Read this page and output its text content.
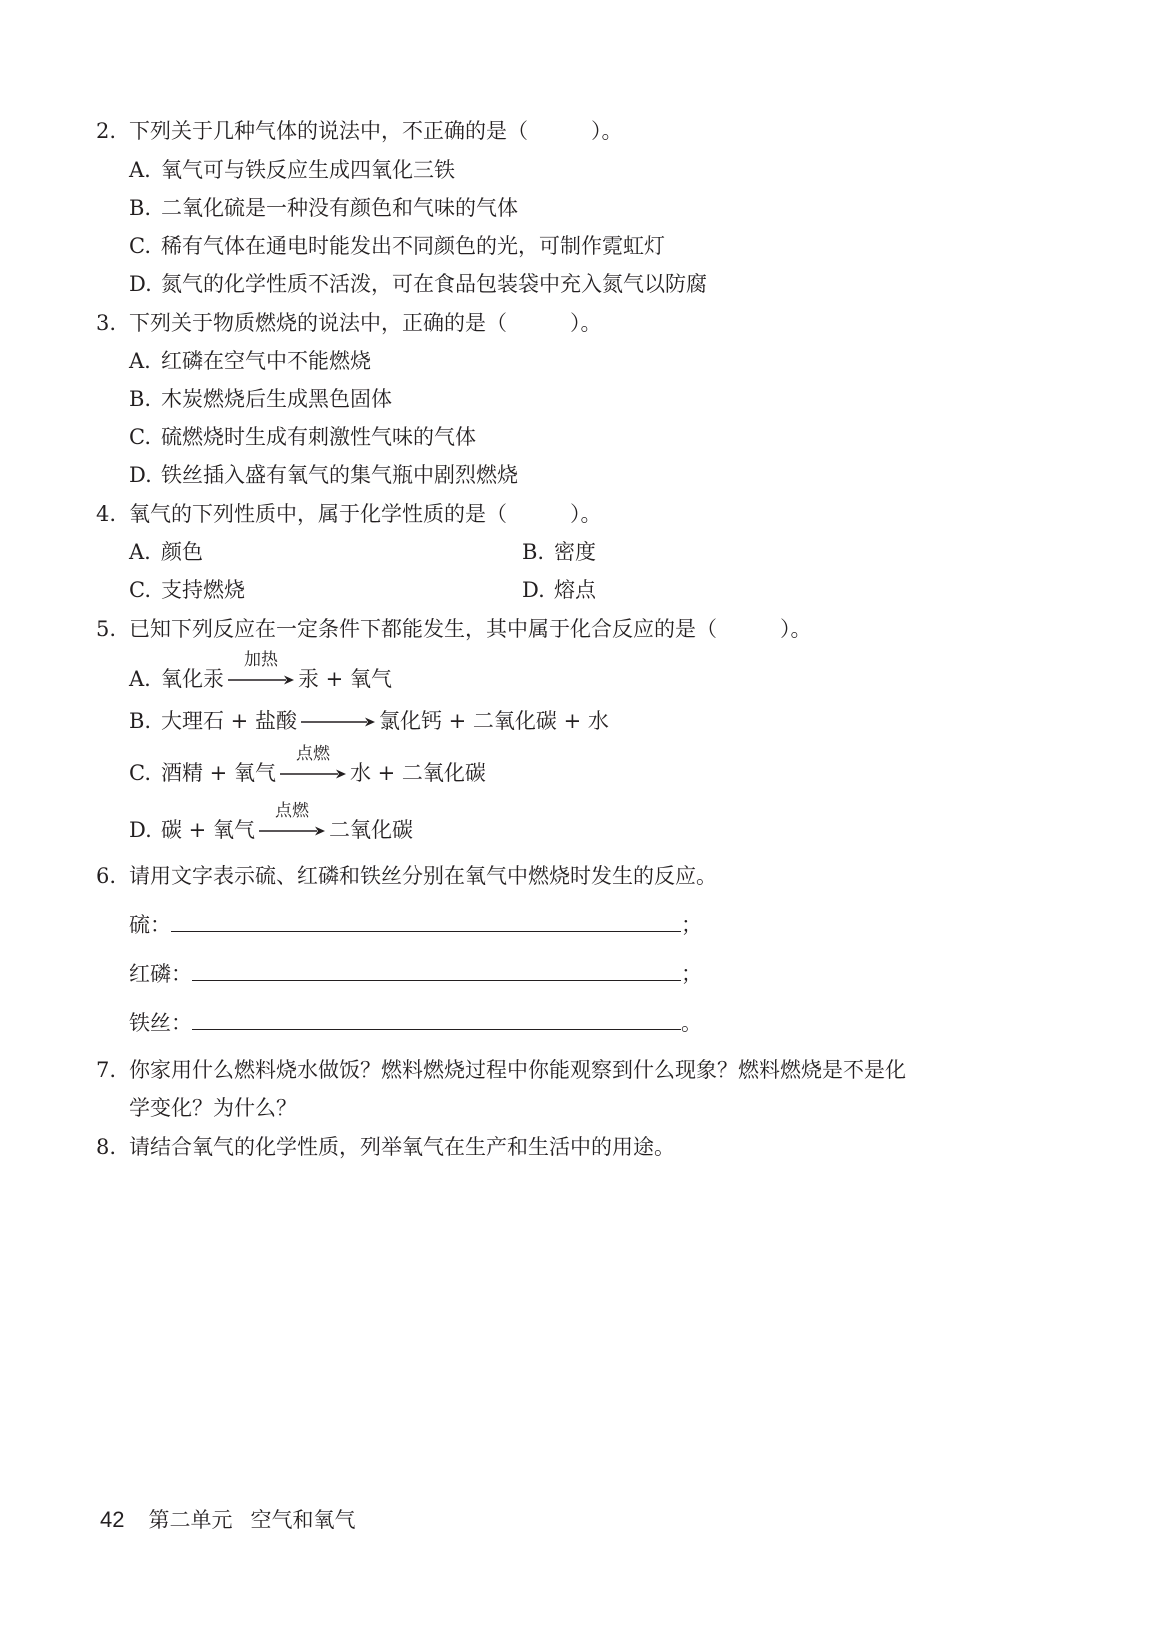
2. 下列关于几种气体的说法中，不正确的是（　　　）。
A. 氧气可与铁反应生成四氧化三铁
B. 二氧化硫是一种没有颜色和气味的气体
C. 稀有气体在通电时能发出不同颜色的光，可制作霓虹灯
D. 氮气的化学性质不活泼，可在食品包装袋中充入氮气以防腐
3. 下列关于物质燃烧的说法中，正确的是（　　　）。
A. 红磷在空气中不能燃烧
B. 木炭燃烧后生成黑色固体
C. 硫燃烧时生成有刺激性气味的气体
D. 铁丝插入盛有氧气的集气瓶中剧烈燃烧
4. 氧气的下列性质中，属于化学性质的是（　　　）。
A. 颜色	B. 密度
C. 支持燃烧	D. 熔点
5. 已知下列反应在一定条件下都能发生，其中属于化合反应的是（　　　）。
A. 氧化汞
加热
汞 + 氧气
B. 大理石 + 盐酸 → 氯化钙 + 二氧化碳 + 水
C. 酒精 + 氧气
点燃
水 + 二氧化碳
D. 碳 + 氧气
点燃
二氧化碳
6. 请用文字表示硫、红磷和铁丝分别在氧气中燃烧时发生的反应。
硫：	；
红磷：	；
铁丝：	。
7. 你家用什么燃料烧水做饭？燃料燃烧过程中你能观察到什么现象？燃料燃烧是不是化
学变化？为什么？
8. 请结合氧气的化学性质，列举氧气在生产和生活中的用途。
42 第二单元 空气和氧气
